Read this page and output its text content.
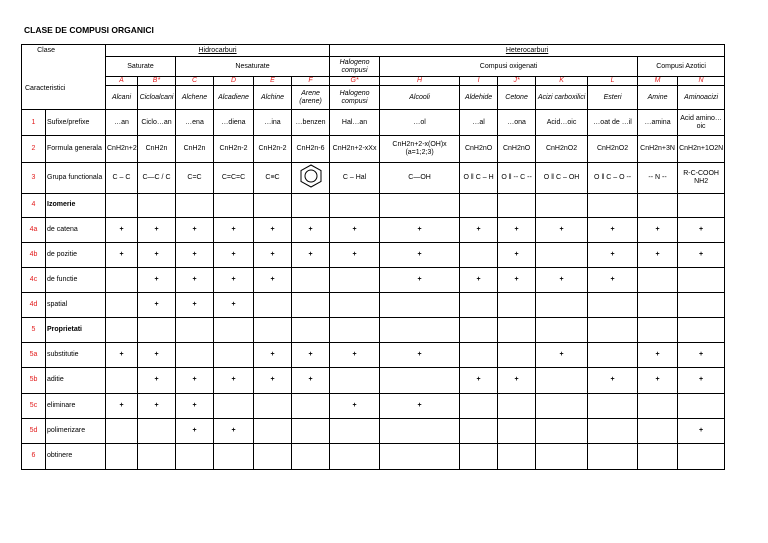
CLASE DE COMPUSI ORGANICI
Clase
Caracteristici		Hidrocarburi						Heterocarburi							
		Saturate		Nesaturate				Halogeno compusi	Compusi oxigenati					Compusi Azotici	
		A	B*	C	D	E	F	G*	H	I	J*	K	L	M	N
		Alcani	Cicloalcani	Alchene	Alcadiene	Alchine	Arene (arene)	Halogeno compusi	Alcooli	Aldehide	Cetone	Acizi carboxilici	Esteri	Amine	Aminoacizi
1	Sufixe/prefixe	…an	Ciclo…an	…ena	…diena	…ina	…benzen	Hal…an	…ol	…al	…ona	Acid…oic	…oat de …il	…amina	Acid amino…oic
2	Formula generala	CnH2n+2	CnH2n	CnH2n	CnH2n-2	CnH2n-2	CnH2n-6	CnH2n+2-xXx	CnH2n+2-x(OH)x (a=1;2;3)	CnH2nO	CnH2nO	CnH2nO2	CnH2nO2	CnH2n+3N	CnH2n+1O2N
3	Grupa functionala	C – C	C—C / C	C=C	C=C=C	C≡C		C – Hal	C—OH	O ‖ C – H	O ‖ -- C --	O ‖ C – OH	O ‖ C – O --	-- N --	R-C-COOH NH2
4	Izomerie														
4a	de catena	+	+	+	+	+	+	+	+	+	+	+	+	+	+
4b	de pozitie	+	+	+	+	+	+	+	+		+		+	+	+
4c	de functie		+	+	+	+			+	+	+	+	+		
4d	spatial		+	+	+										
5	Proprietati														
5a	substitutie	+	+			+	+	+	+			+		+	+
5b	aditie		+	+	+	+	+			+	+		+	+	+
5c	eliminare	+	+	+				+	+						
5d	polimerizare			+	+										+
6	obtinere														
